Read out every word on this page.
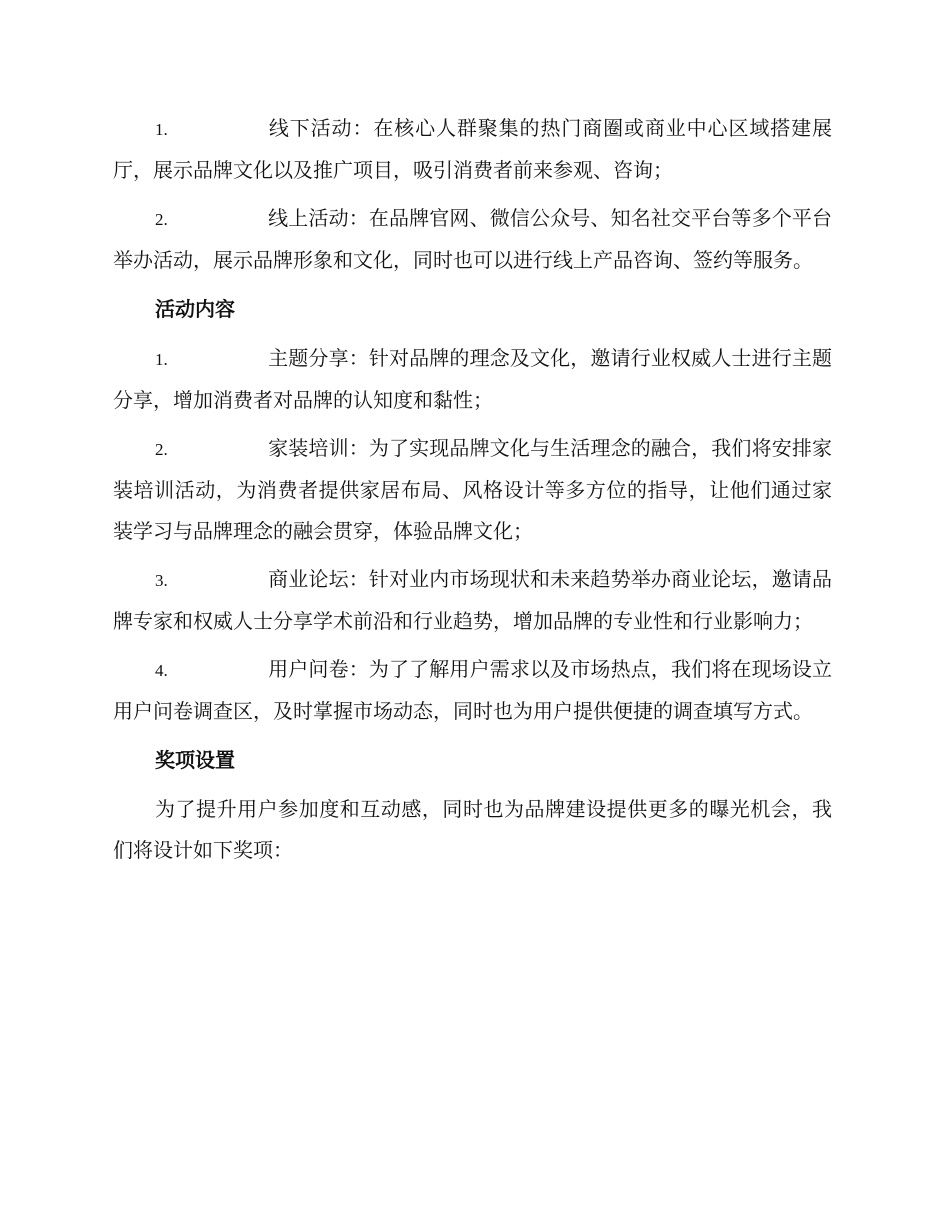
1.	线下活动：在核心人群聚集的热门商圈或商业中心区域搭建展厅，展示品牌文化以及推广项目，吸引消费者前来参观、咨询；

2.	线上活动：在品牌官网、微信公众号、知名社交平台等多个平台举办活动，展示品牌形象和文化，同时也可以进行线上产品咨询、签约等服务。

活动内容

1.	主题分享：针对品牌的理念及文化，邀请行业权威人士进行主题分享，增加消费者对品牌的认知度和黏性；

2.	家装培训：为了实现品牌文化与生活理念的融合，我们将安排家装培训活动，为消费者提供家居布局、风格设计等多方位的指导，让他们通过家装学习与品牌理念的融会贯穿，体验品牌文化；

3.	商业论坛：针对业内市场现状和未来趋势举办商业论坛，邀请品牌专家和权威人士分享学术前沿和行业趋势，增加品牌的专业性和行业影响力；

4.	用户问卷：为了了解用户需求以及市场热点，我们将在现场设立用户问卷调查区，及时掌握市场动态，同时也为用户提供便捷的调查填写方式。

奖项设置

为了提升用户参加度和互动感，同时也为品牌建设提供更多的曝光机会，我们将设计如下奖项：
